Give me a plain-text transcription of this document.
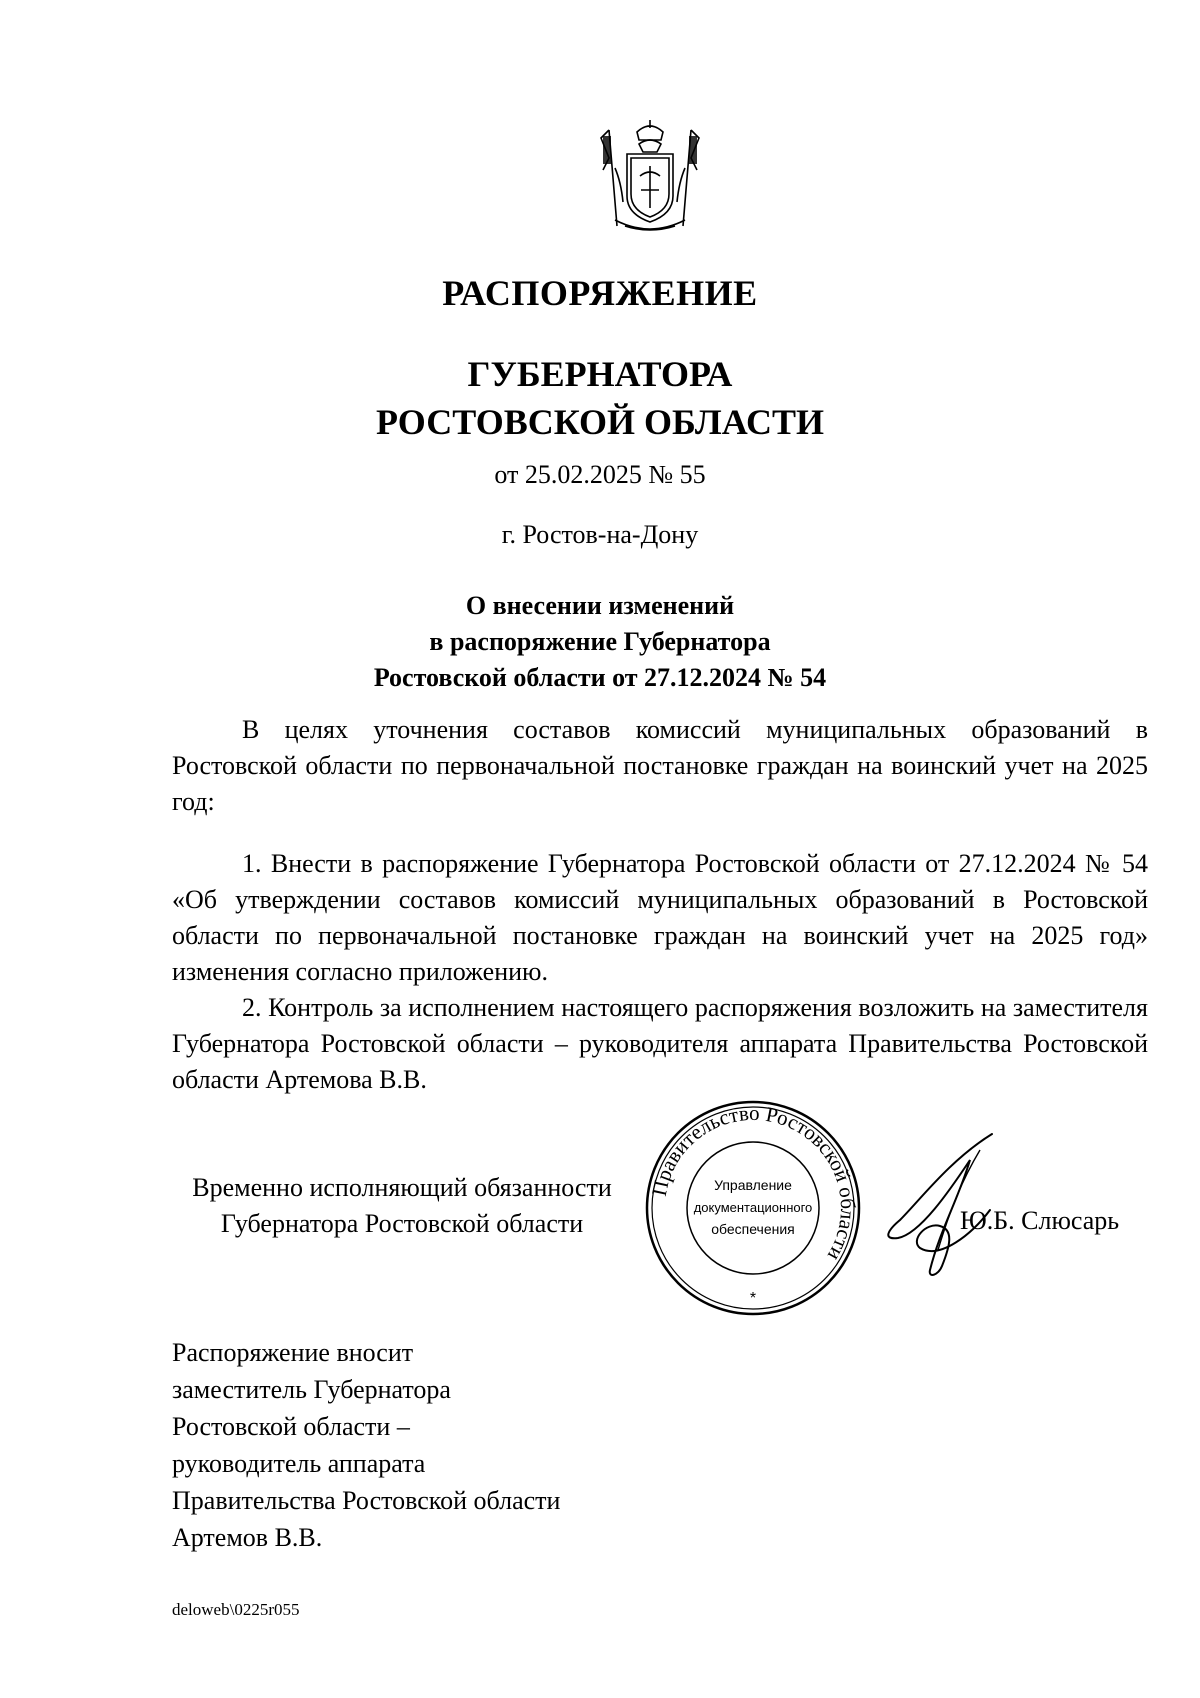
РАСПОРЯЖЕНИЕ
ГУБЕРНАТОРА
РОСТОВСКОЙ ОБЛАСТИ
от 25.02.2025 № 55
г. Ростов-на-Дону
О внесении изменений
в распоряжение Губернатора
Ростовской области от 27.12.2024 № 54

В целях уточнения составов комиссий муниципальных образований в Ростовской области по первоначальной постановке граждан на воинский учет на 2025 год:

1. Внести в распоряжение Губернатора Ростовской области от 27.12.2024 № 54 «Об утверждении составов комиссий муниципальных образований в Ростовской области по первоначальной постановке граждан на воинский учет на 2025 год» изменения согласно приложению.

2. Контроль за исполнением настоящего распоряжения возложить на заместителя Губернатора Ростовской области – руководителя аппарата Правительства Ростовской области Артемова В.В.

Временно исполняющий обязанности
Губернатора Ростовской области
Правительство Ростовской области
Управление
документационного
обеспечения
*
Ю.Б. Слюсарь
Распоряжение вносит
заместитель Губернатора
Ростовской области –
руководитель аппарата
Правительства Ростовской области
Артемов В.В.
deloweb\0225r055
